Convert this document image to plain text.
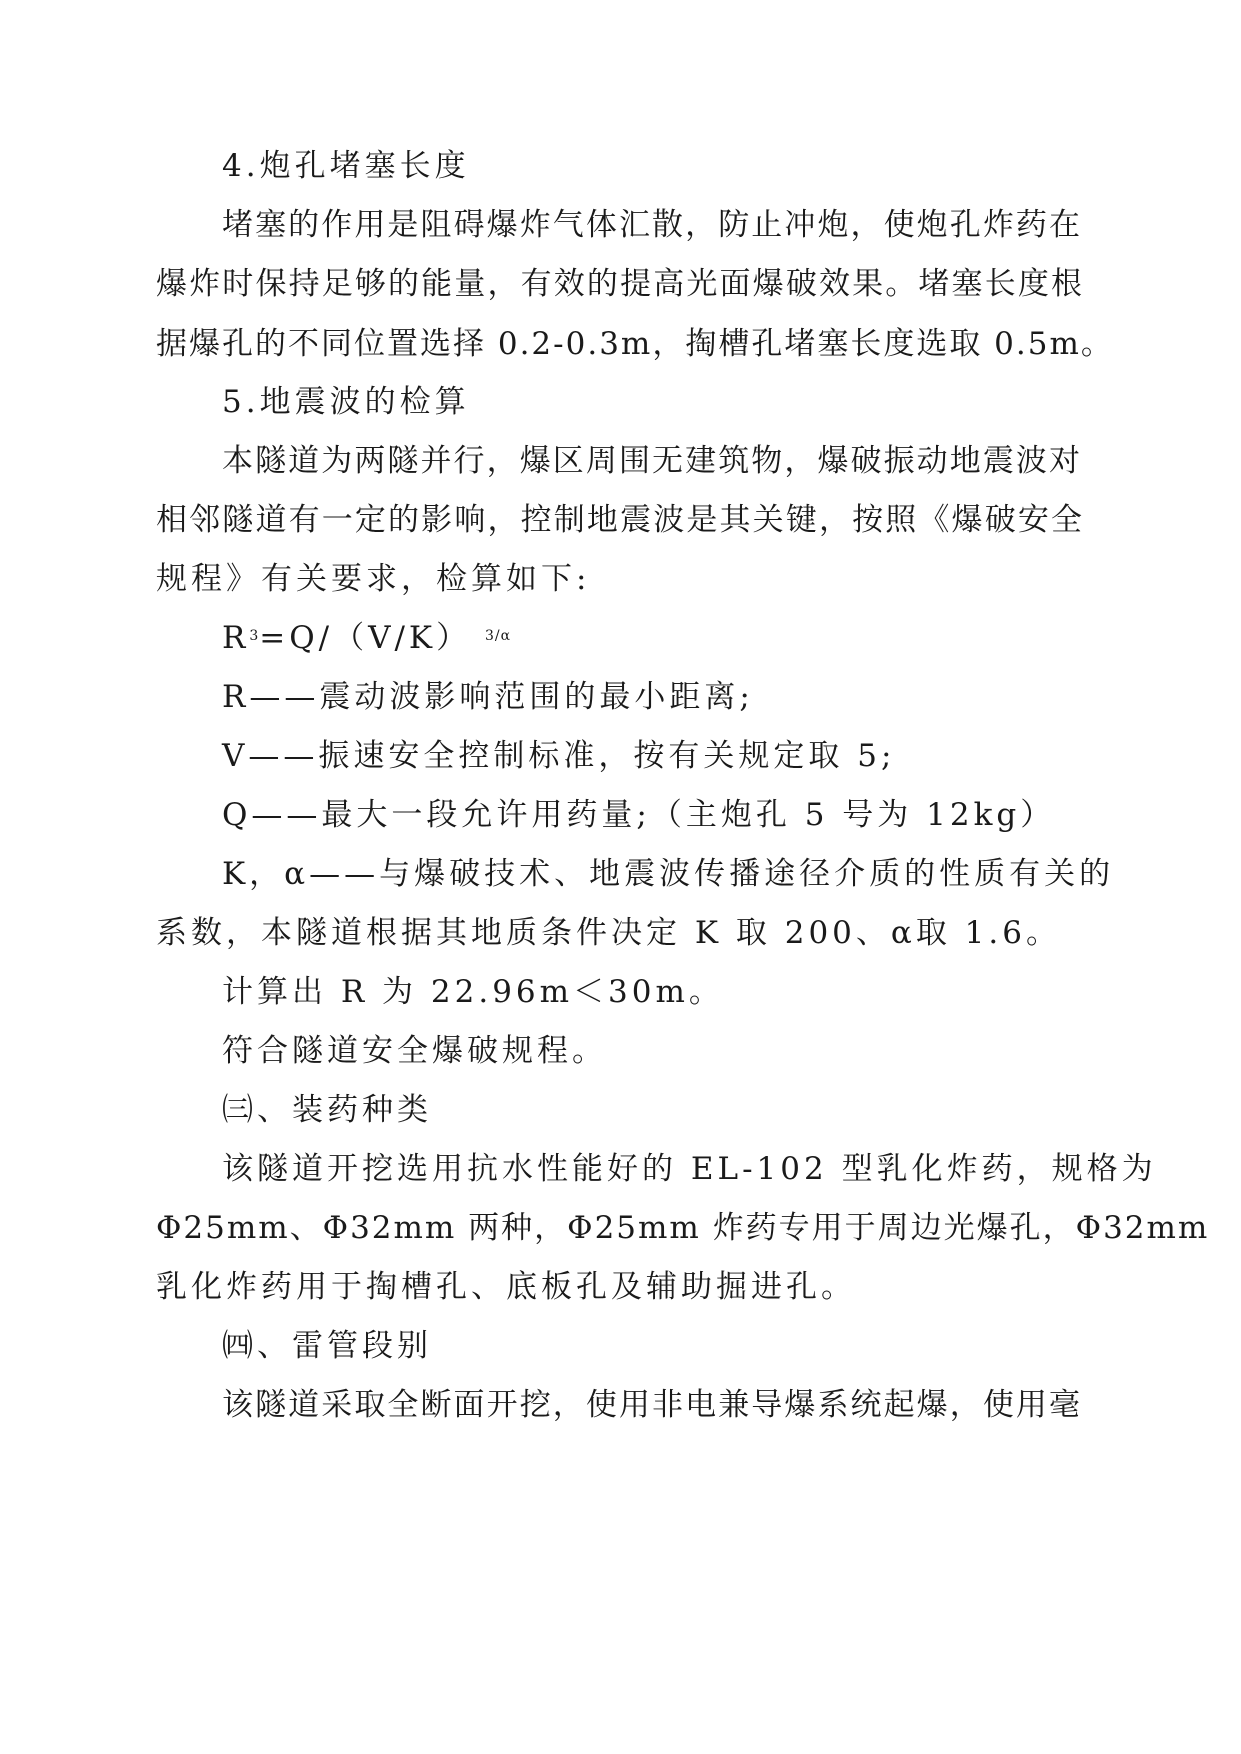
4.炮孔堵塞长度
堵塞的作用是阻碍爆炸气体汇散，防止冲炮，使炮孔炸药在
爆炸时保持足够的能量，有效的提高光面爆破效果。堵塞长度根
据爆孔的不同位置选择 0.2-0.3m，掏槽孔堵塞长度选取 0.5m。
5.地震波的检算
本隧道为两隧并行，爆区周围无建筑物，爆破振动地震波对
相邻隧道有一定的影响，控制地震波是其关键，按照《爆破安全
规程》有关要求，检算如下:
$R^3=Q/(V/K)$ $^{3/\alpha}$
R——震动波影响范围的最小距离;
V——振速安全控制标准，按有关规定取 5;
Q——最大一段允许用药量;（主炮孔 5 号为 12kg）
K，α——与爆破技术、地震波传播途径介质的性质有关的
系数，本隧道根据其地质条件决定 K 取 200、α取 1.6。
计算出 R 为 22.96m＜30m。
符合隧道安全爆破规程。
㈢、装药种类
该隧道开挖选用抗水性能好的 EL-102 型乳化炸药，规格为
Φ25mm、Φ32mm 两种，Φ25mm 炸药专用于周边光爆孔，Φ32mm
乳化炸药用于掏槽孔、底板孔及辅助掘进孔。
㈣、雷管段别
该隧道采取全断面开挖，使用非电兼导爆系统起爆，使用毫
